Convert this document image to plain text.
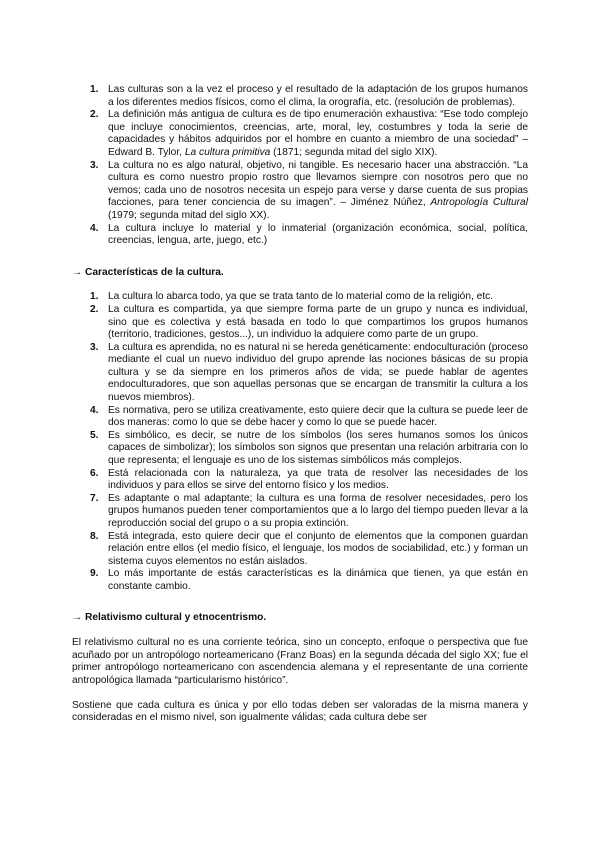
1. Las culturas son a la vez el proceso y el resultado de la adaptación de los grupos humanos a los diferentes medios físicos, como el clima, la orografía, etc. (resolución de problemas).
2. La definición más antigua de cultura es de tipo enumeración exhaustiva: “Ese todo complejo que incluye conocimientos, creencias, arte, moral, ley, costumbres y toda la serie de capacidades y hábitos adquiridos por el hombre en cuanto a miembro de una sociedad” – Edward B. Tylor, La cultura primitiva (1871; segunda mitad del siglo XIX).
3. La cultura no es algo natural, objetivo, ni tangible. Es necesario hacer una abstracción. “La cultura es como nuestro propio rostro que llevamos siempre con nosotros pero que no vemos; cada uno de nosotros necesita un espejo para verse y darse cuenta de sus propias facciones, para tener conciencia de su imagen”. – Jiménez Núñez, Antropología Cultural (1979; segunda mitad del siglo XX).
4. La cultura incluye lo material y lo inmaterial (organización económica, social, política, creencias, lengua, arte, juego, etc.)

→ Características de la cultura.

1. La cultura lo abarca todo, ya que se trata tanto de lo material como de la religión, etc.
2. La cultura es compartida, ya que siempre forma parte de un grupo y nunca es individual, sino que es colectiva y está basada en todo lo que compartimos los grupos humanos (territorio, tradiciones, gestos...), un individuo la adquiere como parte de un grupo.
3. La cultura es aprendida, no es natural ni se hereda genéticamente: endoculturación (proceso mediante el cual un nuevo individuo del grupo aprende las nociones básicas de su propia cultura y se da siempre en los primeros años de vida; se puede hablar de agentes endoculturadores, que son aquellas personas que se encargan de transmitir la cultura a los nuevos miembros).
4. Es normativa, pero se utiliza creativamente, esto quiere decir que la cultura se puede leer de dos maneras: como lo que se debe hacer y como lo que se puede hacer.
5. Es simbólico, es decir, se nutre de los símbolos (los seres humanos somos los únicos capaces de simbolizar); los símbolos son signos que presentan una relación arbitraria con lo que representa; el lenguaje es uno de los sistemas simbólicos más complejos.
6. Está relacionada con la naturaleza, ya que trata de resolver las necesidades de los individuos y para ellos se sirve del entorno físico y los medios.
7. Es adaptante o mal adaptante; la cultura es una forma de resolver necesidades, pero los grupos humanos pueden tener comportamientos que a lo largo del tiempo pueden llevar a la reproducción social del grupo o a su propia extinción.
8. Está integrada, esto quiere decir que el conjunto de elementos que la componen guardan relación entre ellos (el medio físico, el lenguaje, los modos de sociabilidad, etc.) y forman un sistema cuyos elementos no están aislados.
9. Lo más importante de estás características es la dinámica que tienen, ya que están en constante cambio.

→ Relativismo cultural y etnocentrismo.

El relativismo cultural no es una corriente teórica, sino un concepto, enfoque o perspectiva que fue acuñado por un antropólogo norteamericano (Franz Boas) en la segunda década del siglo XX; fue el primer antropólogo norteamericano con ascendencia alemana y el representante de una corriente antropológica llamada “particularismo histórico”.

Sostiene que cada cultura es única y por ello todas deben ser valoradas de la misma manera y consideradas en el mismo nivel, son igualmente válidas; cada cultura debe ser
